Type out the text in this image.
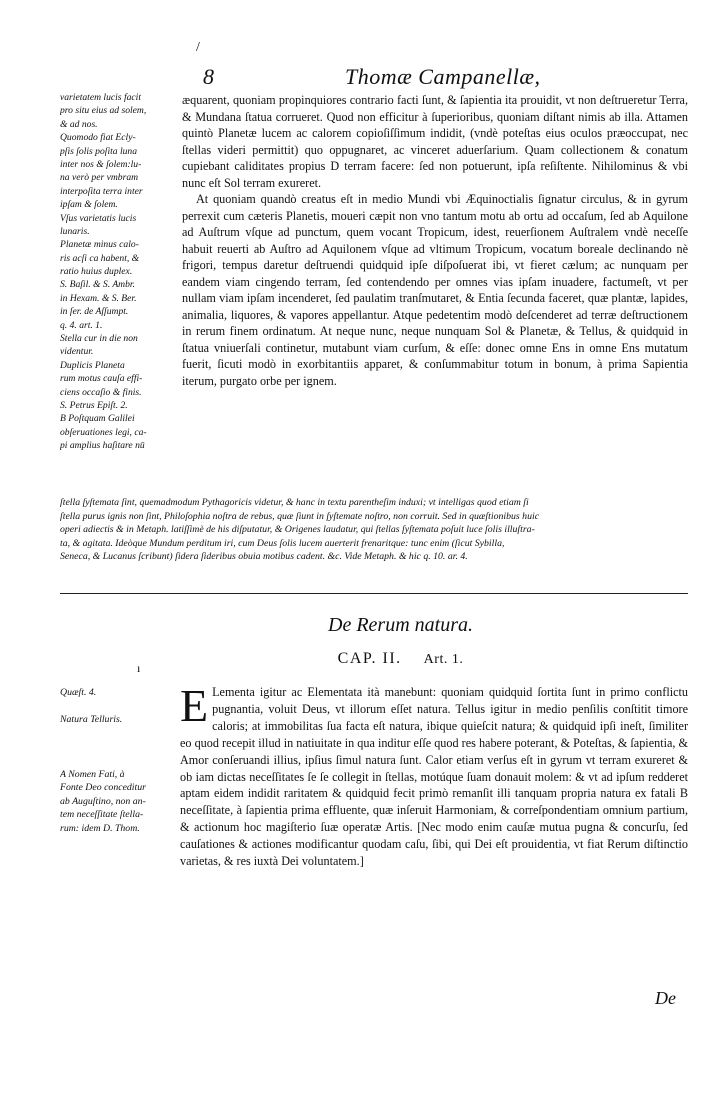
/
8	Thomæ Campanellæ,
varietatem lucis facit
pro situ eius ad solem,
& ad nos.
Quomodo fiat Ecly-
pſis ſolis poſita luna
inter nos & ſolem:lu-
na verò per vmbram
interpoſita terra inter
ipſam & ſolem.
Vſus varietatis lucis
lunaris.
Planetæ minus calo-
ris acſi ca habent, &
ratio huius duplex.
S. Baſil. & S. Ambr.
in Hexam. & S. Ber.
in ſer. de Aſſumpt.
q. 4. art. 1.
Stella cur in die non
videntur.
Duplicis Planeta
rum motus cauſa effi-
ciens occaſio & finis.
S. Petrus Epiſt. 2.
B Poſtquam Galilei
obſeruationes legi, ca-
pi amplius haſitare nū

æquarent, quoniam propinquiores contrario facti ſunt, & ſapientia ita prouidit, vt non deſtrueretur Terra, & Mundana ſtatua corrueret. Quod non efficitur à ſuperioribus, quoniam diſtant nimis ab illa. Attamen quintò Planetæ lucem ac calorem copioſiſſimum indidit, (vndè poteſtas eius oculos præoccupat, nec ſtellas videri permittit) quo oppugnaret, ac vinceret aduerſarium. Quam collectionem & conatum cupiebant caliditates propius D terram facere: ſed non potuerunt, ipſa reſiſtente. Nihilominus & vbi nunc eſt Sol terram exureret.

At quoniam quandò creatus eſt in medio Mundi vbi Æquinoctialis ſignatur circulus, & in gyrum perrexit cum cæteris Planetis, moueri cæpit non vno tantum motu ab ortu ad occaſum, ſed ab Aquilone ad Auſtrum vſque ad punctum, quem vocant Tropicum, idest, reuerſionem Auſtralem vndè neceſſe habuit reuerti ab Auſtro ad Aquilonem vſque ad vltimum Tropicum, vocatum boreale declinando nè frigori, tempus daretur deſtruendi quidquid ipſe diſpoſuerat ibi, vt fieret cælum; ac nunquam per eandem viam cingendo terram, ſed contendendo per omnes vias ipſam inuadere, factumeſt, vt per nullam viam ipſam incenderet, ſed paulatim tranſmutaret, & Entia ſecunda faceret, quæ plantæ, lapides, animalia, liquores, & vapores appellantur. Atque pedetentim modò deſcenderet ad terræ deſtructionem in rerum finem ordinatum. At neque nunc, neque nunquam Sol & Planetæ, & Tellus, & quidquid in ſtatua vniuerſali continetur, mutabunt viam curſum, & eſſe: donec omne Ens in omne Ens mutatum fuerit, ſicuti modò in exorbitantiis apparet, & conſummabitur totum in bonum, à prima Sapientia iterum, purgato orbe per ignem.

ſtella ſyſtemata ſint, quemadmodum Pythagoricis videtur, & hanc in textu parentheſim induxi; vt intelligas quod etiam ſi
ſtella purus ignis non ſint, Philoſophia noſtra de rebus, quæ ſiunt in ſyſtemate noſtro, non corruit. Sed in quæſtionibus huic
operi adiectis & in Metaph. latiſſimè de his diſputatur, & Origenes laudatur, qui ſtellas ſyſtemata poſuit luce ſolis illuſtra-
ta, & agitata. Ideòque Mundum perditum iri, cum Deus ſolis lucem auerterit frenaritque: tunc enim (ſicut Sybilla,
Seneca, & Lucanus ſcribunt) ſidera ſideribus obuia motibus cadent. &c. Vide Metaph. & hic q. 10. ar. 4.
De Rerum natura.
CAP. II. Art. 1.
ı
Quæſt. 4.
Natura Telluris.
A Nomen Fati, à
Fonte Deo conceditur
ab Auguſtino, non an-
tem neceſſitate ſtella-
rum: idem D. Thom.
E Lementa igitur ac Elementata ità manebunt: quoniam quidquid ſortita ſunt in primo conflictu pugnantia, voluit Deus, vt illorum eſſet natura. Tellus igitur in medio penſilis conſtitit timore caloris; at immobilitas ſua facta eſt natura, ibique quieſcit natura; & quidquid ipſi ineſt, ſimiliter eo quod recepit illud in natiuitate in qua inditur eſſe quod res habere poterant, & Poteſtas, & ſapientia, & Amor conſeruandi illius, ipſius ſimul natura ſunt. Calor etiam verſus eſt in gyrum vt terram exureret & ob iam dictas neceſſitates ſe ſe collegit in ſtellas, motúque ſuam donauit molem: & vt ad ipſum redderet aptam eidem indidit raritatem & quidquid fecit primò remanſit illi tanquam propria natura ex fatali B neceſſitate, à ſapientia prima effluente, quæ inſeruit Harmoniam, & correſpondentiam omnium partium, & actionum hoc magiſterio ſuæ operatæ Artis. [Nec modo enim cauſæ mutua pugna & concurſu, ſed cauſationes & actiones modificantur quodam caſu, ſibi, qui Dei eſt prouidentia, vt fiat Rerum diſtinctio varietas, & res iuxtà Dei voluntatem.]
De
